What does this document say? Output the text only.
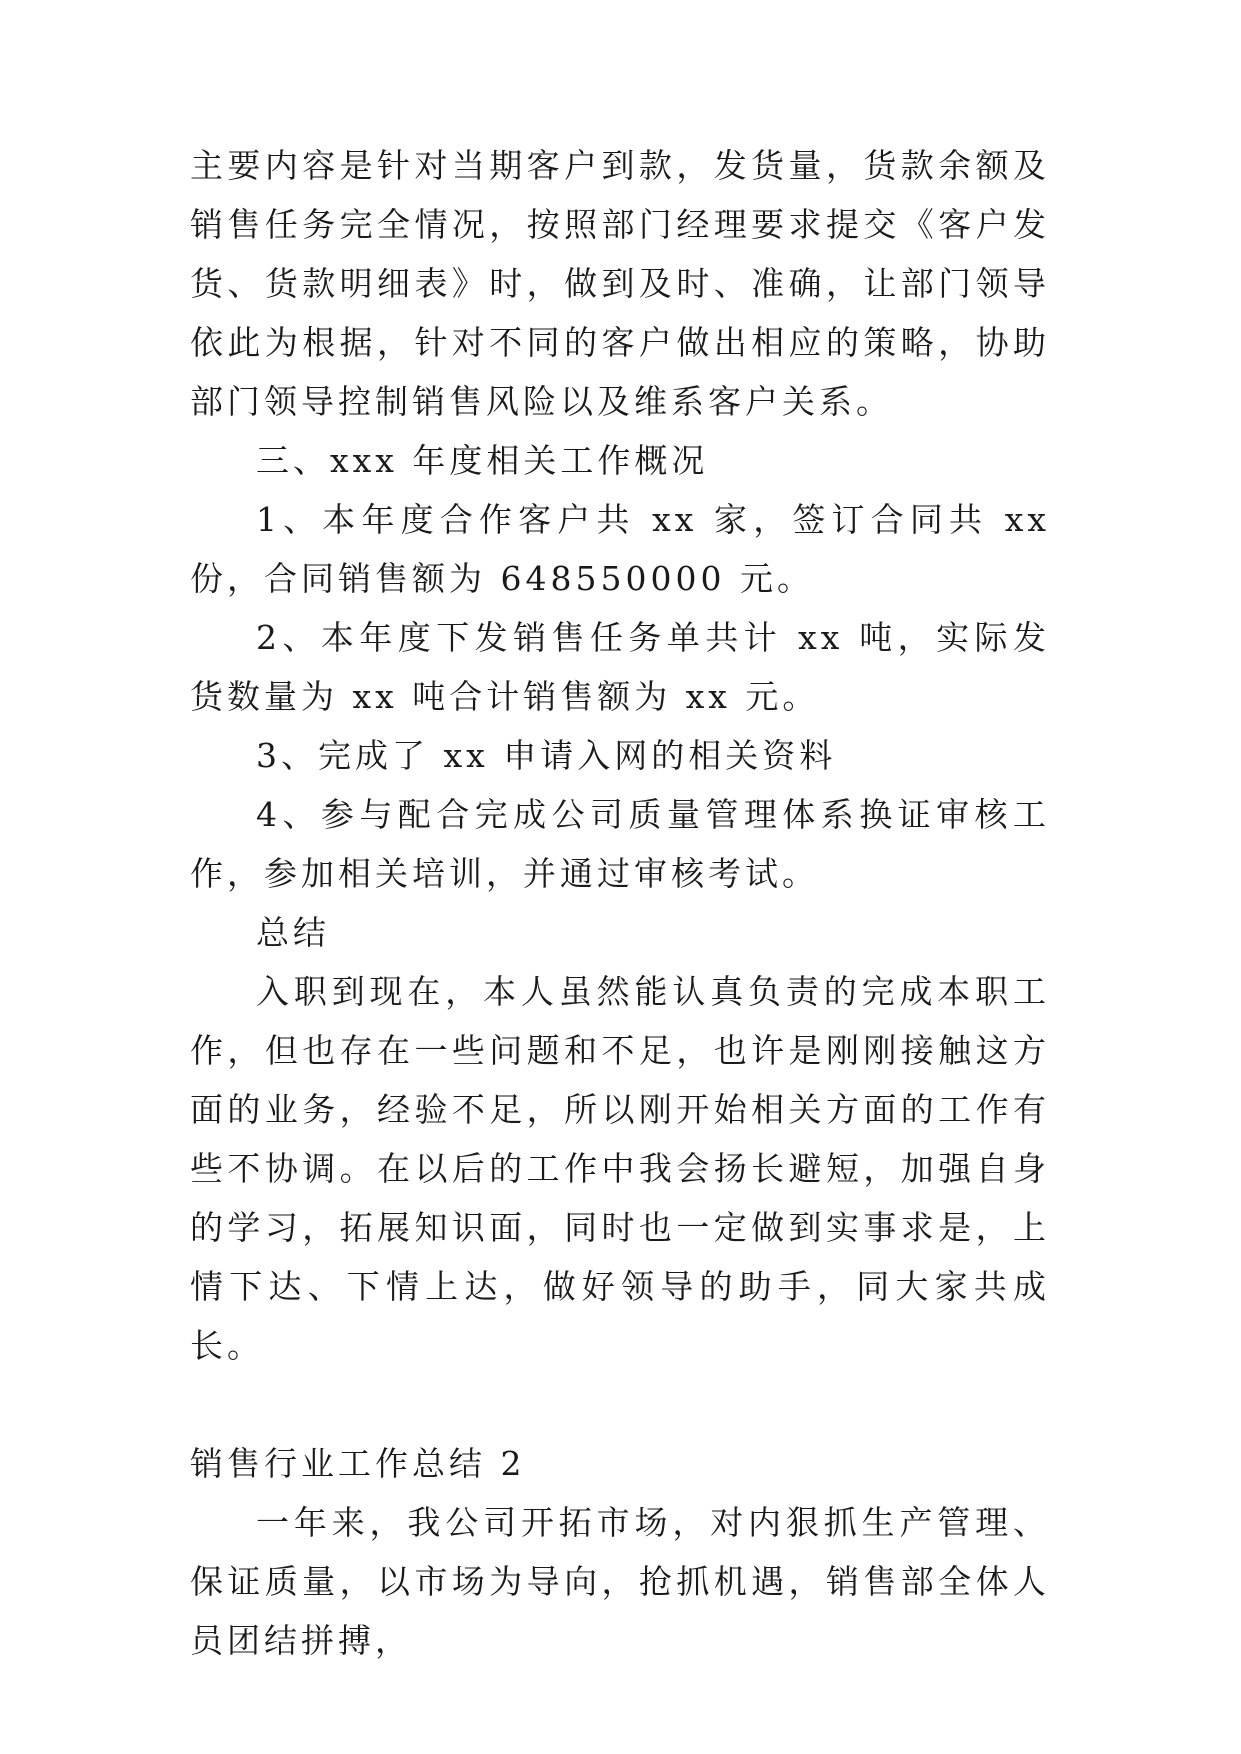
主要内容是针对当期客户到款，发货量，货款余额及销售任务完全情况，按照部门经理要求提交《客户发货、货款明细表》时，做到及时、准确，让部门领导依此为根据，针对不同的客户做出相应的策略，协助部门领导控制销售风险以及维系客户关系。

三、xxx 年度相关工作概况

1、本年度合作客户共 xx 家，签订合同共 xx 份，合同销售额为 648550000 元。

2、本年度下发销售任务单共计 xx 吨，实际发货数量为 xx 吨合计销售额为 xx 元。

3、完成了 xx 申请入网的相关资料

4、参与配合完成公司质量管理体系换证审核工作，参加相关培训，并通过审核考试。

总结

入职到现在，本人虽然能认真负责的完成本职工作，但也存在一些问题和不足，也许是刚刚接触这方面的业务，经验不足，所以刚开始相关方面的工作有些不协调。在以后的工作中我会扬长避短，加强自身的学习，拓展知识面，同时也一定做到实事求是，上情下达、下情上达，做好领导的助手，同大家共成长。

销售行业工作总结 2

一年来，我公司开拓市场，对内狠抓生产管理、保证质量，以市场为导向，抢抓机遇，销售部全体人员团结拼搏，
